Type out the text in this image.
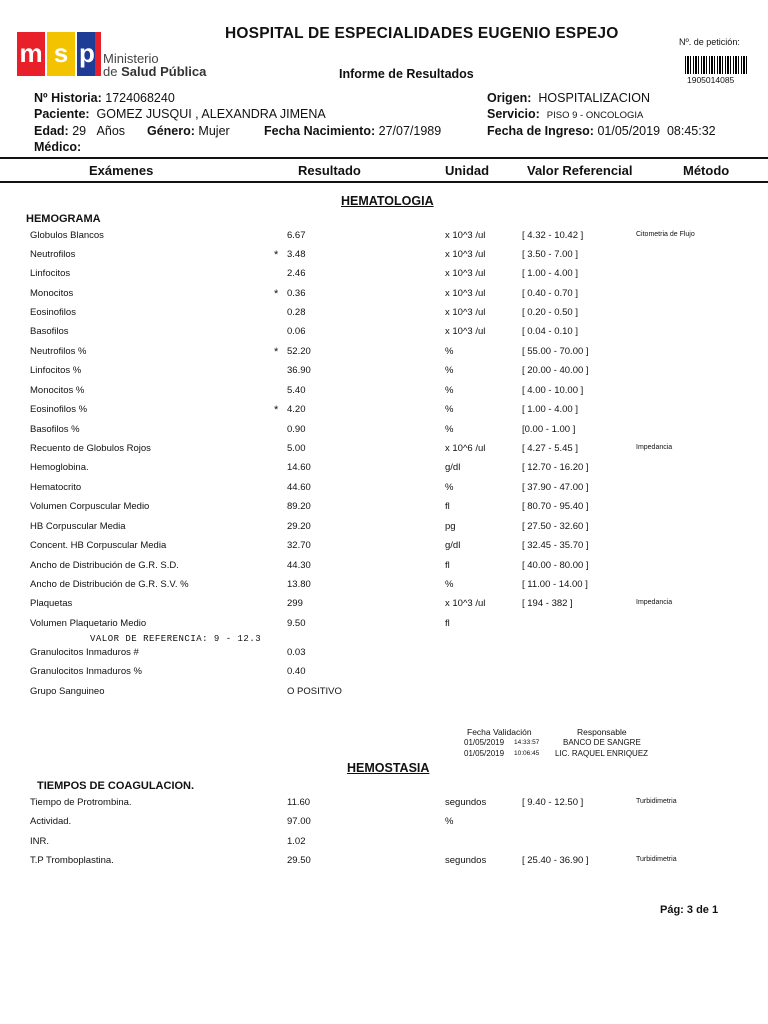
m s p Ministerio
de Salud Pública
HOSPITAL DE ESPECIALIDADES EUGENIO ESPEJO
Informe de Resultados
Nº. de petición:
1905014085
Nº Historia: 1724068240
Paciente: GOMEZ JUSQUI , ALEXANDRA JIMENA
Edad: 29 Años Género: Mujer	Fecha Nacimiento: 27/07/1989
Médico:
Origen: HOSPITALIZACION
Servicio: PISO 9 - ONCOLOGIA
Fecha de Ingreso: 01/05/2019  08:45:32
Exámenes	Resultado	Unidad	Valor Referencial	Método
HEMATOLOGIA
HEMOGRAMA
Globulos Blancos	6.67	x 10^3 /ul	[ 4.32 - 10.42 ]	Citometria de Flujo
Neutrofilos	* 3.48	x 10^3 /ul	[ 3.50 - 7.00 ]
Linfocitos	2.46	x 10^3 /ul	[ 1.00 - 4.00 ]
Monocitos	* 0.36	x 10^3 /ul	[ 0.40 - 0.70 ]
Eosinofilos	0.28	x 10^3 /ul	[ 0.20 - 0.50 ]
Basofilos	0.06	x 10^3 /ul	[ 0.04 - 0.10 ]
Neutrofilos %	* 52.20	%	[ 55.00 - 70.00 ]
Linfocitos %	36.90	%	[ 20.00 - 40.00 ]
Monocitos %	5.40	%	[ 4.00 - 10.00 ]
Eosinofilos %	* 4.20	%	[ 1.00 - 4.00 ]
Basofilos %	0.90	%	[0.00 - 1.00 ]
Recuento de Globulos Rojos	5.00	x 10^6 /ul	[ 4.27 - 5.45 ]	Impedancia
Hemoglobina.	14.60	g/dl	[ 12.70 - 16.20 ]
Hematocrito	44.60	%	[ 37.90 - 47.00 ]
Volumen Corpuscular Medio	89.20	fl	[ 80.70 - 95.40 ]
HB Corpuscular Media	29.20	pg	[ 27.50 - 32.60 ]
Concent. HB Corpuscular Media	32.70	g/dl	[ 32.45 - 35.70 ]
Ancho de Distribución de G.R. S.D.	44.30	fl	[ 40.00 - 80.00 ]
Ancho de Distribución de G.R. S.V. %	13.80	%	[ 11.00 - 14.00 ]
Plaquetas	299	x 10^3 /ul	[ 194 - 382 ]	Impedancia
Volumen Plaquetario Medio	9.50	fl
Granulocitos Inmaduros #	0.03
Granulocitos Inmaduros %	0.40
Grupo Sanguineo	O POSITIVO
VALOR DE REFERENCIA: 9 - 12.3
Fecha Validación	Responsable
01/05/2019 14:33:57	BANCO DE SANGRE
01/05/2019 10:06:45 LIC. RAQUEL ENRIQUEZ
HEMOSTASIA
TIEMPOS DE COAGULACION.
Tiempo de Protrombina.	11.60	segundos	[ 9.40 - 12.50 ]	Turbidimetria
Actividad.	97.00	%
INR.	1.02
T.P Tromboplastina.	29.50	segundos	[ 25.40 - 36.90 ]	Turbidimetria
Pág: 3 de 1
